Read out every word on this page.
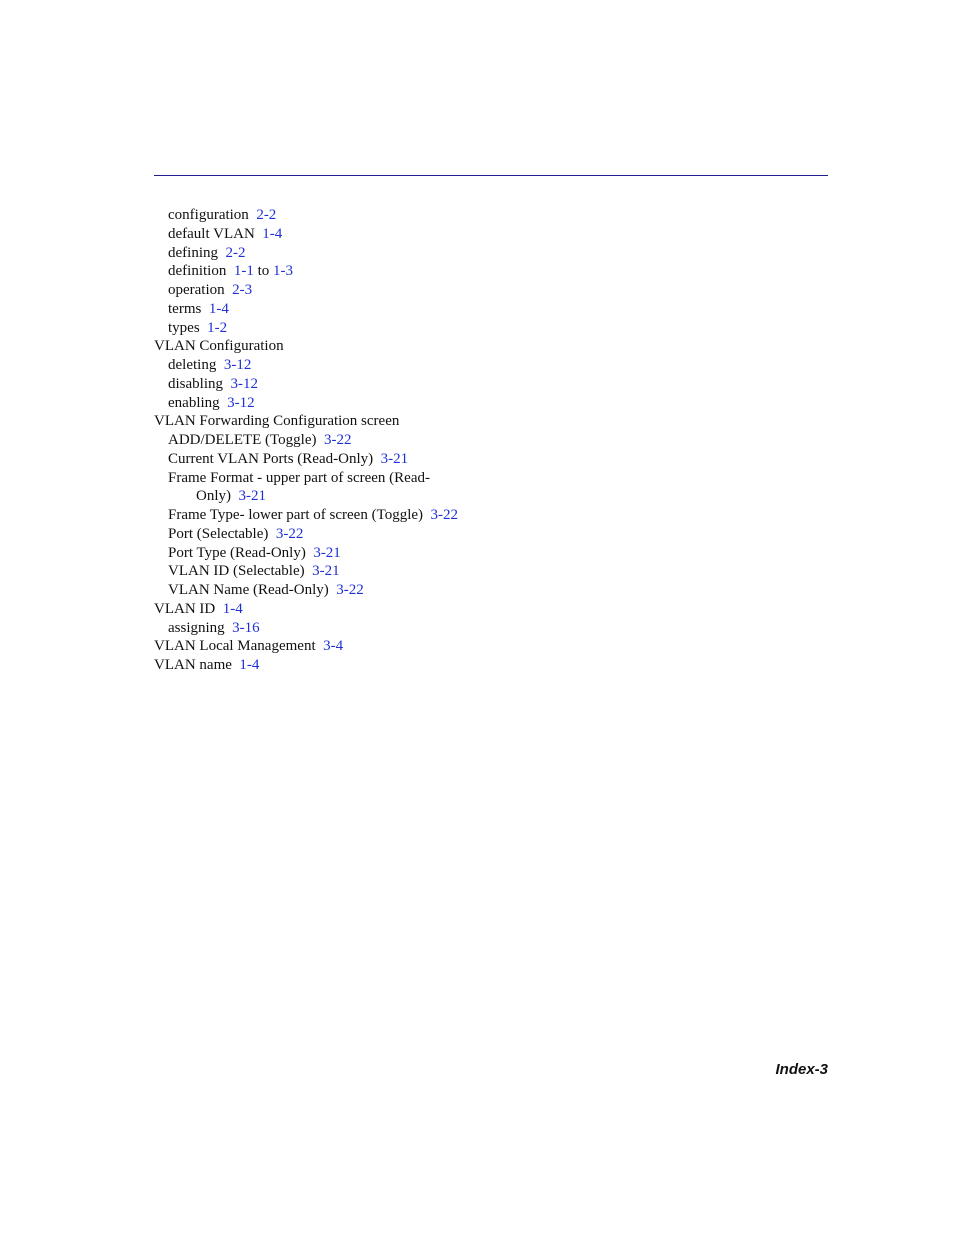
configuration 2-2
default VLAN 1-4
defining 2-2
definition 1-1 to 1-3
operation 2-3
terms 1-4
types 1-2
VLAN Configuration
deleting 3-12
disabling 3-12
enabling 3-12
VLAN Forwarding Configuration screen
ADD/DELETE (Toggle) 3-22
Current VLAN Ports (Read-Only) 3-21
Frame Format - upper part of screen (Read-
Only) 3-21
Frame Type- lower part of screen (Toggle) 3-22
Port (Selectable) 3-22
Port Type (Read-Only) 3-21
VLAN ID (Selectable) 3-21
VLAN Name (Read-Only) 3-22
VLAN ID 1-4
assigning 3-16
VLAN Local Management 3-4
VLAN name 1-4
Index-3
